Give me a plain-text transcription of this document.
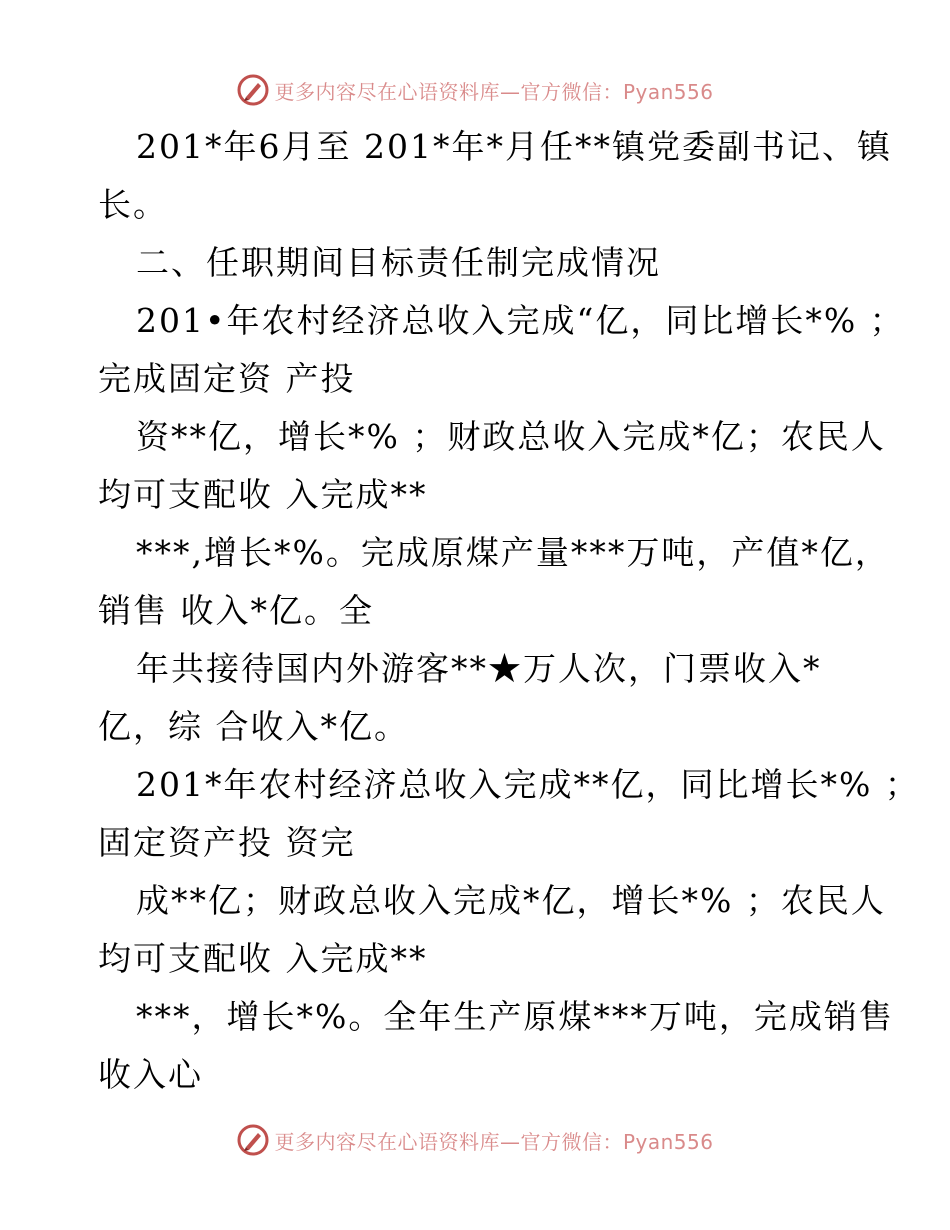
更多内容尽在心语资料库—官方微信：Pyan556
201*年6月至 201*年*月任**镇党委副书记、镇
长。
二、任职期间目标责任制完成情况
201•年农村经济总收入完成“亿，同比增长*% ；
完成固定资 产投
资**亿，增长*% ；财政总收入完成*亿；农民人
均可支配收 入完成**
***,增长*%。完成原煤产量***万吨，产值*亿，
销售 收入*亿。全
年共接待国内外游客**★万人次，门票收入*
亿，综 合收入*亿。
201*年农村经济总收入完成**亿，同比增长*% ；
固定资产投 资完
成**亿；财政总收入完成*亿，增长*% ；农民人
均可支配收 入完成**
***，增长*%。全年生产原煤***万吨，完成销售
收入心
更多内容尽在心语资料库—官方微信：Pyan556
